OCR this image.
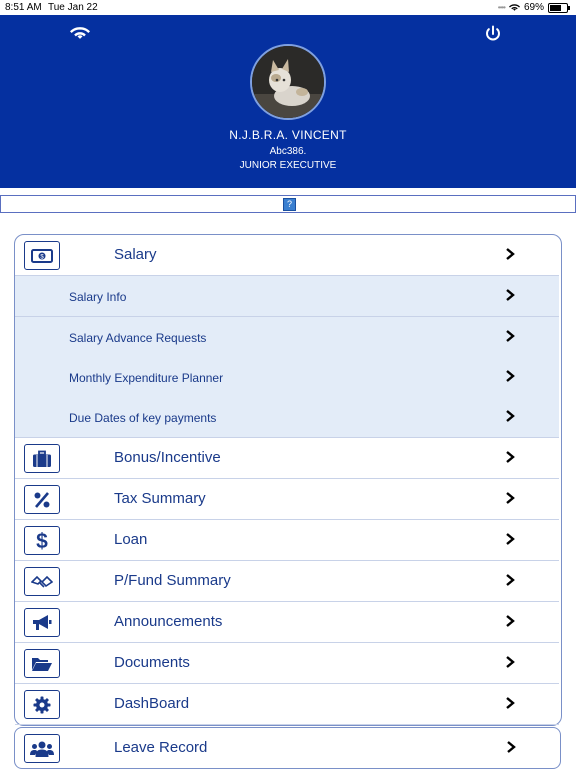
8:51 AM Tue Jan 22	•••• 69%
N.J.B.R.A. VINCENT
Abc386.
JUNIOR EXECUTIVE
?
$	Salary
Salary Info
Salary Advance Requests
Monthly Expenditure Planner
Due Dates of key payments
Bonus/Incentive
Tax Summary
$	Loan
P/Fund Summary
Announcements
Documents
DashBoard
Leave Record
